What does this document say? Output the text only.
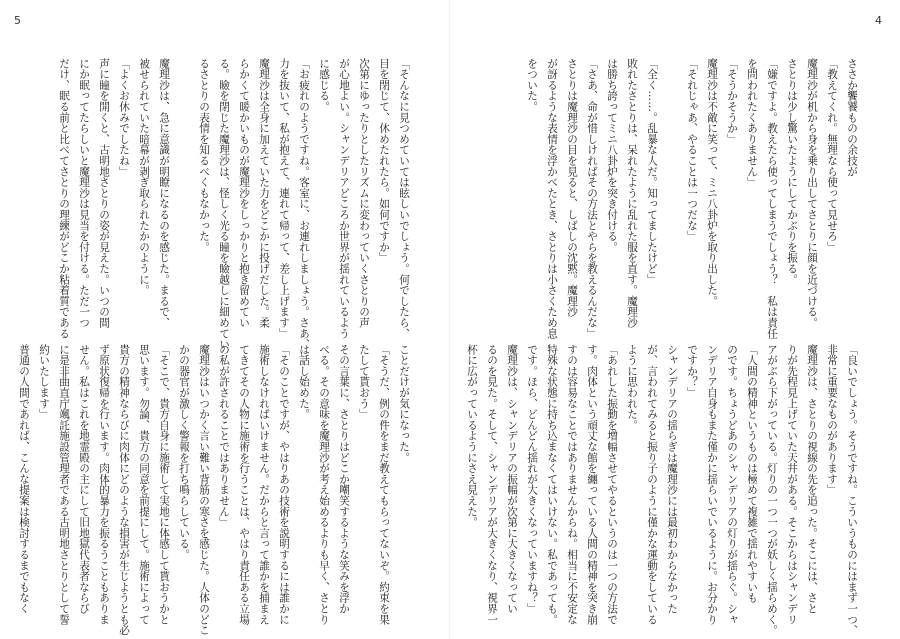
5	4
ささか饗饕ものの余技が
「教えてくれ。無理なら使って見せろ」
魔理沙が机から身を乗り出してさとりに顔を近づける。
さとりは少し驚いたようにしてかぶりを振る。
「嫌ですよ。教えたら使ってしまうでしょう？　私は責任
を問われたくありません」
「そうかそうか」
魔理沙は不敵に笑って、ミニ八卦炉を取り出した。
「それじゃあ、やることは一つだな」

「全く……。乱暴な人だ。知ってましたけど」
敗れたさとりは、呆れたように乱れた服を直す。魔理沙
は勝ち誇ってミニ八卦炉を突き付ける。
「さあ、命が惜しければその方法とやらを教えるんだな」
さとりは魔理沙の目を見ると、しばしの沈黙。魔理沙
が訝るような表情を浮かべたとき、さとりは小さくため息
をついた。
「良いでしょう。そうですね。こういうものにはまず一つ、
非常に重要なものがあります」
魔理沙は、さとりの視線の先を追った。そこには、さと
りが先程見上げていた天井がある。そこからはシャンデリ
アがぶら下がっている。灯りの一つ一つが妖しく揺らめく。
「人間の精神というものは極めて複雑で揺れやすいも
のです。ちょうどあのシャンデリアの灯りが揺らぐ。シャ
ンデリア自身もまた僅かに揺らいでいるように。お分かり
ですか？」
シャンデリアの揺らぎは魔理沙には最初わからなかった
が、言われてみると振り子のように僅かな運動をしている
ように思われた。
「あれした振動を増幅させてやるというのは一つの方法で
す。肉体という頑丈な館を纏っている人間の精神を突き崩
すのは容易なことではありませんからね。相当に不安定な
特殊な状態に持ち込まなくてはいけない。私であっても。
です。ほら、どんどん揺れが大きくなっていますね？」
魔理沙は、シャンデリアの振幅が次第に大きくなってい
るのを見た。そして、シャンデリアが大きくなり、視界一
杯に広がっているようにさえ見えた。
「そんなに見つめていては眩しいでしょう。何でしたら、
目を閉じて、休めたれたら。如何ですか」
次第にゆったりとしたリズムに変わっていくさとりの声
が心地よい。シャンデリアどころか世界が揺れているよう
に感じる。
「お疲れのようですね。客室に、お連れしましょう。さあ、
力を抜いて、私が抱えて、連れて帰って、差し上げます」
魔理沙は全身に加えていた力をどこかに投げだした。柔
らかくて暖かいものが魔理沙をしっかりと抱き留めてい
る。瞼を閉じた魔理沙は、怪しく光る瞳を瞼越しに細めてい
るさとりの表情を知るべくもなかった。

魔理沙は、急に意識が明瞭になるのを感じた。まるで、
被せられていた暗幕が剥ぎ取られたかのように。
「よくお休みでしたね」
声に瞳を開くと、古明地さとりの姿が見えた。いつの間
にか眠ってたらしいと魔理沙は見当を付ける。ただ一つ
だけ、眠る前と比べてさとりの理練がどこか粘着質である
ことだけが気になった。
「そうだ、例の件をまだ教えてもらってないぞ。約束を果
たして貰おう」
その言葉に、さとりはどこか嘲笑するような笑みを浮か
べる。その意味を魔理沙が考え始めるよりも早く、さとり
は話し始めた。
「そのことですが、やはりあの技術を説明するには誰かに
施術しなければいけません。だからと言って誰かを捕まえ
てきてその人物に施術を行うことは、やはり責任ある立場
の私が許されることではありません」
魔理沙はいつかく言い難い背筋の寒さを感じた。人体のどこ
かの器官が激しく警報を打ち鳴らしている。
「そこで、貴方自身に施術して実地に体感して貰おうかと
思います。勿論、貴方の同意を前提にして。施術によって
貴方の精神ならびに肉体にどのような損害が生じようとも必
ず原状復帰を行います。肉体的暴力を振るうこともありま
せん。私はこれを地霊殿の主にして旧地獄代表者ならび
に是非曲直庁颯託施設管理者である古明地さとりとして誓
約いたします」
普通の人間であれば、こんな提案は検討するまでもなく
